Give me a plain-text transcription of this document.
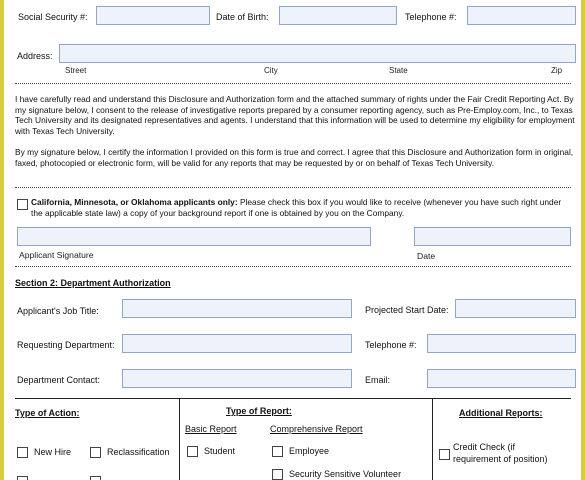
Social Security #:	Date of Birth:	Telephone #:
Address:
Street	City	State	Zip

I have carefully read and understand this Disclosure and Authorization form and the attached summary of rights under the Fair Credit Reporting Act. By my signature below, I consent to the release of investigative reports prepared by a consumer reporting agency, such as Pre-Employ.com, Inc., to Texas Tech University and its designated representatives and agents. I understand that this information will be used to determine my eligibility for employment with Texas Tech University.

By my signature below, I certify the information I provided on this form is true and correct. I agree that this Disclosure and Authorization form in original, faxed, photocopied or electronic form, will be valid for any reports that may be requested by or on behalf of Texas Tech University.

California, Minnesota, or Oklahoma applicants only: Please check this box if you would like to receive (whenever you have such right under the applicable state law) a copy of your background report if one is obtained by you on the Company.

Applicant Signature	Date
Section 2: Department Authorization
Applicant's Job Title:	Projected Start Date:
Requesting Department:	Telephone #:
Department Contact:	Email:
Type of Action:
New Hire	Reclassification
Type of Report:
Basic Report	Comprehensive Report
Student	Employee
Security Sensitive Volunteer
Additional Reports:
Credit Check (if requirement of position)
